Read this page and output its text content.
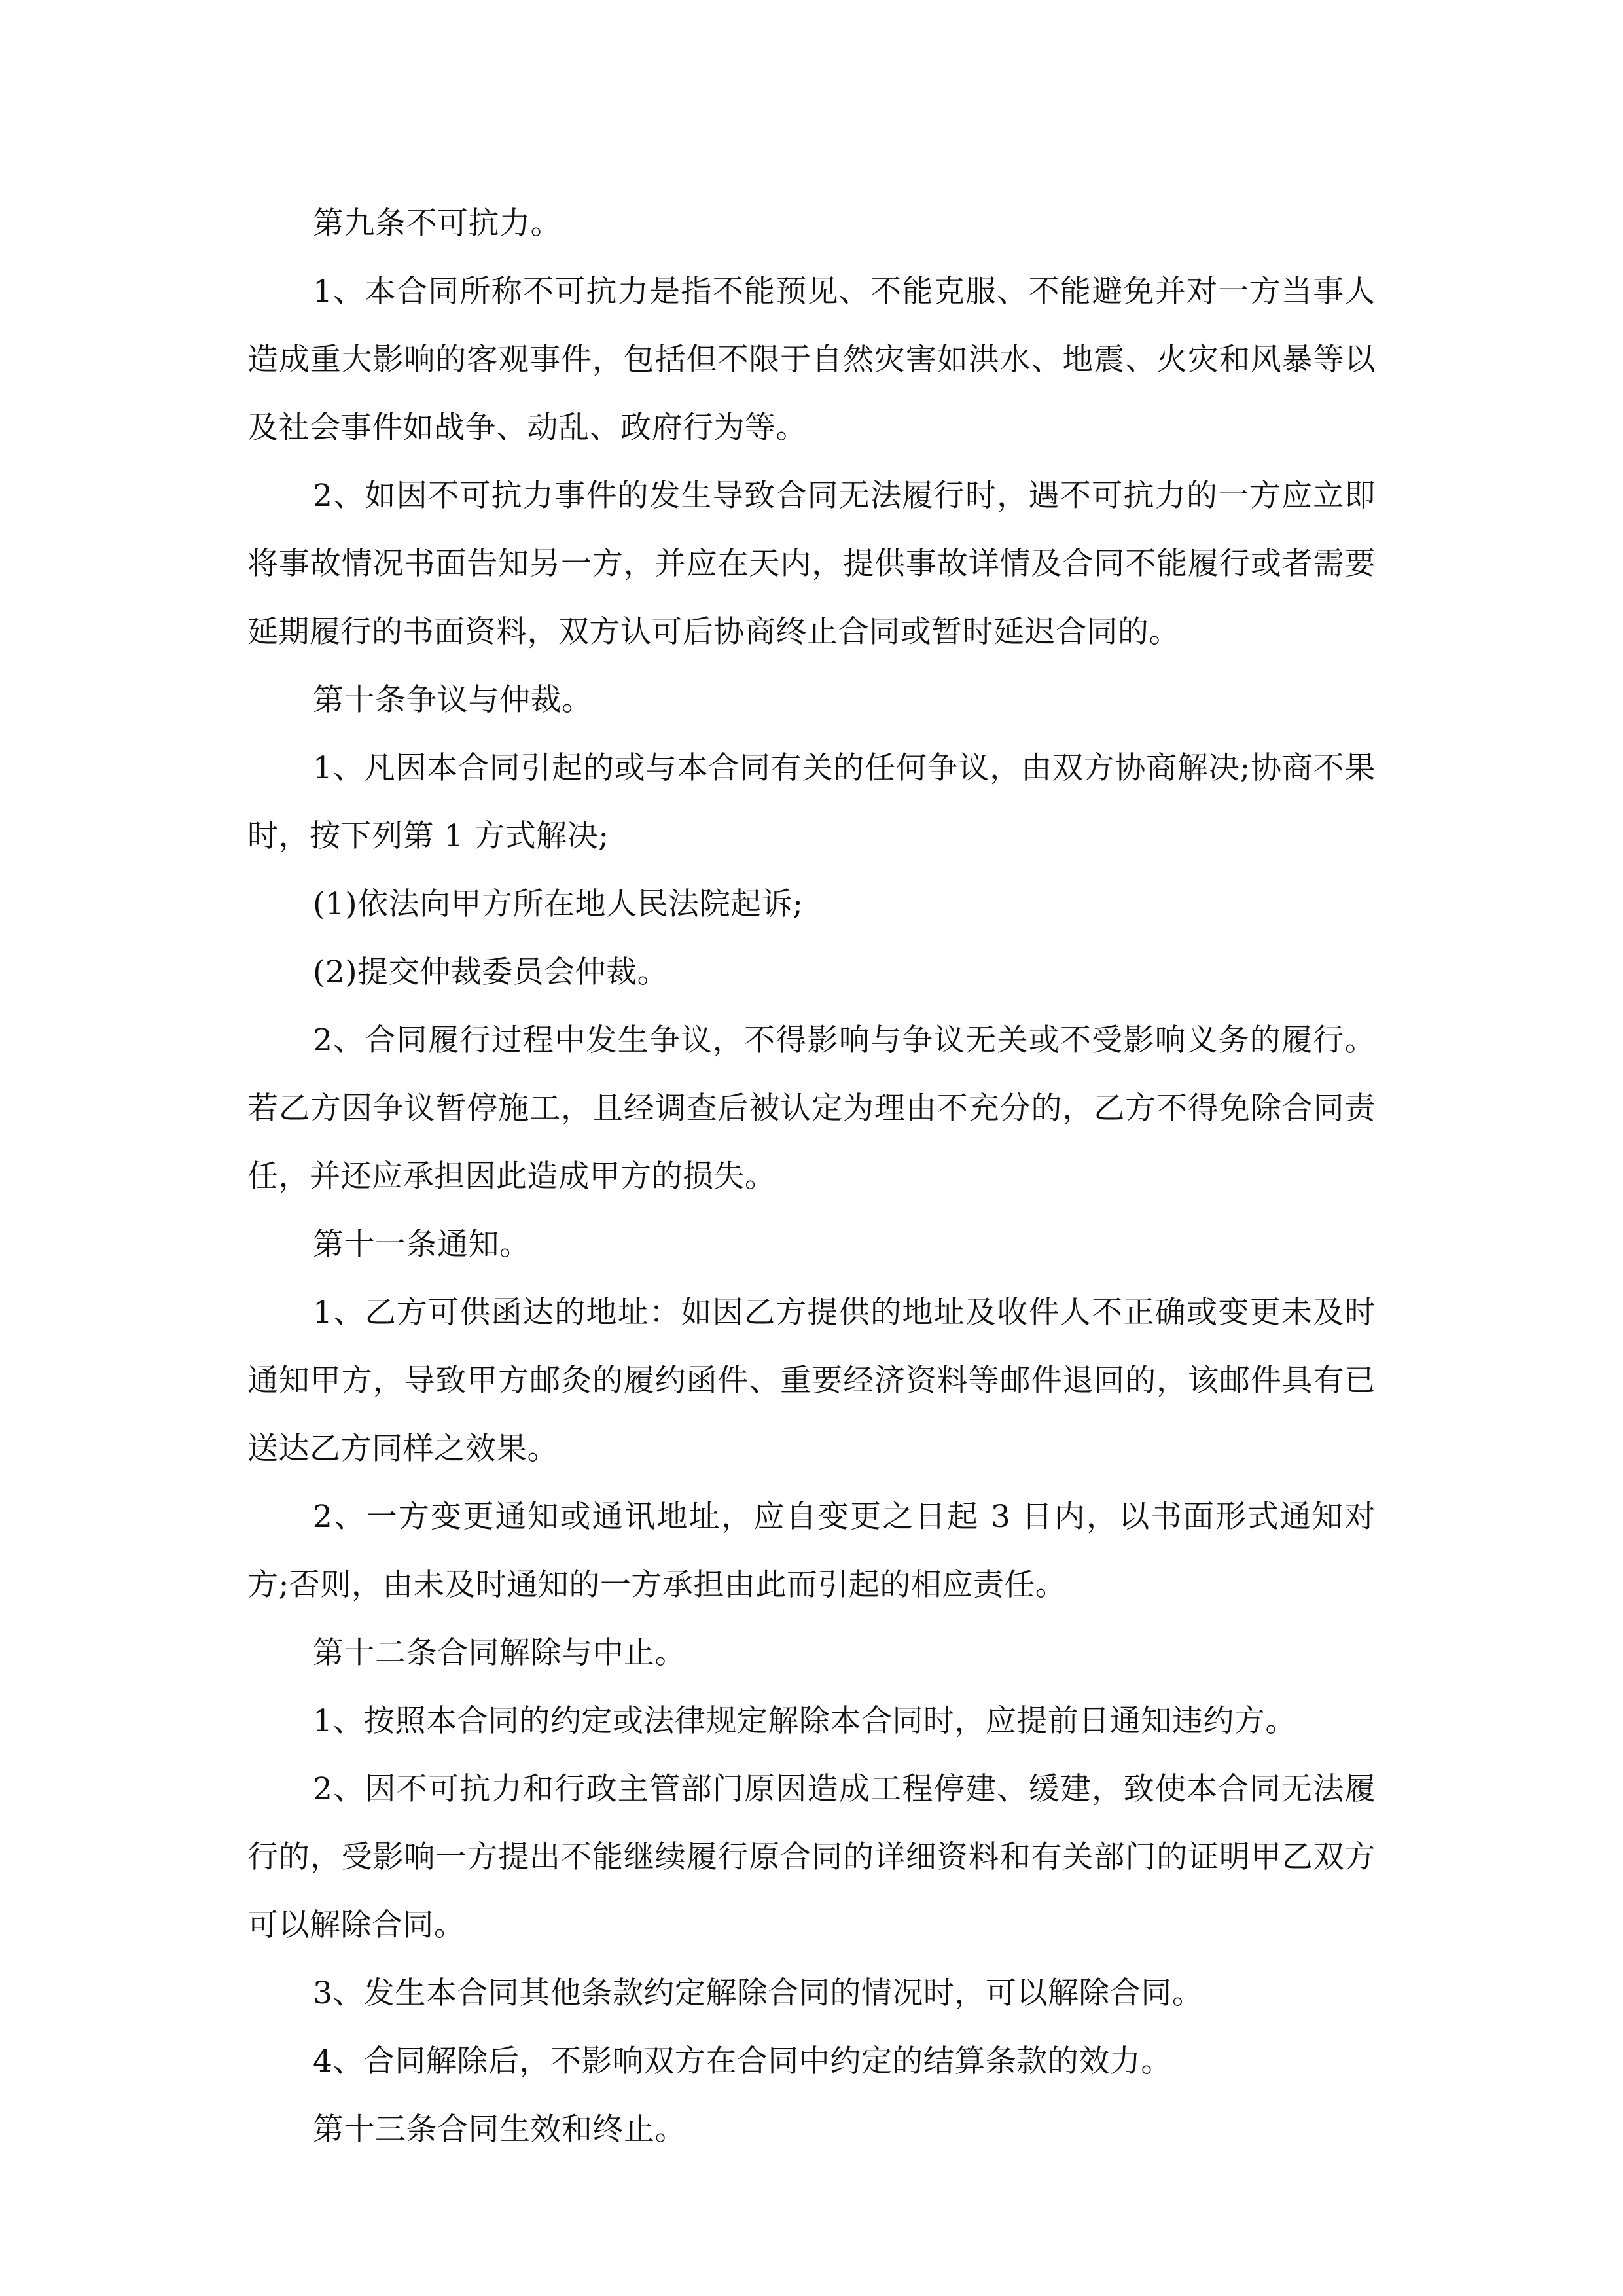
第九条不可抗力。

1、本合同所称不可抗力是指不能预见、不能克服、不能避免并对一方当事人造成重大影响的客观事件，包括但不限于自然灾害如洪水、地震、火灾和风暴等以及社会事件如战争、动乱、政府行为等。

2、如因不可抗力事件的发生导致合同无法履行时，遇不可抗力的一方应立即将事故情况书面告知另一方，并应在天内，提供事故详情及合同不能履行或者需要延期履行的书面资料，双方认可后协商终止合同或暂时延迟合同的。

第十条争议与仲裁。

1、凡因本合同引起的或与本合同有关的任何争议，由双方协商解决;协商不果时，按下列第 1 方式解决;

(1)依法向甲方所在地人民法院起诉;

(2)提交仲裁委员会仲裁。

2、合同履行过程中发生争议，不得影响与争议无关或不受影响义务的履行。若乙方因争议暂停施工，且经调查后被认定为理由不充分的，乙方不得免除合同责任，并还应承担因此造成甲方的损失。

第十一条通知。

1、乙方可供函达的地址：如因乙方提供的地址及收件人不正确或变更未及时通知甲方，导致甲方邮灸的履约函件、重要经济资料等邮件退回的，该邮件具有已送达乙方同样之效果。

2、一方变更通知或通讯地址，应自变更之日起 3 日内，以书面形式通知对方;否则，由未及时通知的一方承担由此而引起的相应责任。

第十二条合同解除与中止。

1、按照本合同的约定或法律规定解除本合同时，应提前日通知违约方。

2、因不可抗力和行政主管部门原因造成工程停建、缓建，致使本合同无法履行的，受影响一方提出不能继续履行原合同的详细资料和有关部门的证明甲乙双方可以解除合同。

3、发生本合同其他条款约定解除合同的情况时，可以解除合同。

4、合同解除后，不影响双方在合同中约定的结算条款的效力。

第十三条合同生效和终止。
